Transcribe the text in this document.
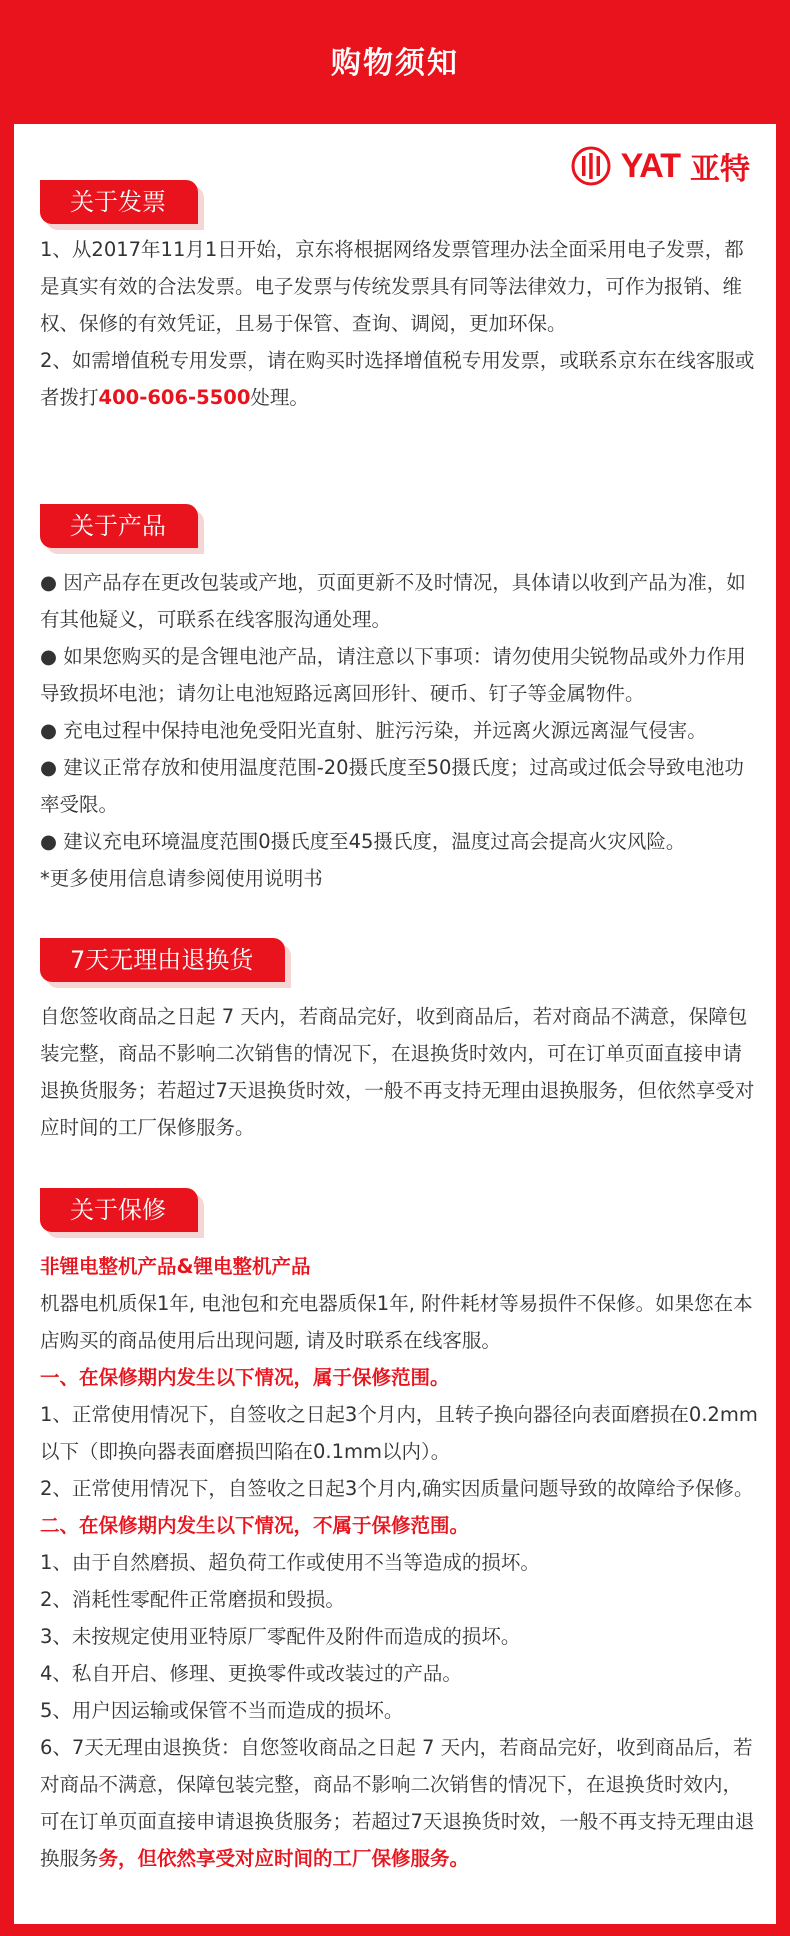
购物须知
YAT 亚特
关于发票

1、从2017年11月1日开始，京东将根据网络发票管理办法全面采用电子发票，都是真实有效的合法发票。电子发票与传统发票具有同等法律效力，可作为报销、维权、保修的有效凭证，且易于保管、查询、调阅，更加环保。

2、如需增值税专用发票，请在购买时选择增值税专用发票，或联系京东在线客服或者拨打400-606-5500处理。

关于产品

● 因产品存在更改包装或产地，页面更新不及时情况，具体请以收到产品为准，如有其他疑义，可联系在线客服沟通处理。

● 如果您购买的是含锂电池产品，请注意以下事项：请勿使用尖锐物品或外力作用导致损坏电池；请勿让电池短路远离回形针、硬币、钉子等金属物件。

● 充电过程中保持电池免受阳光直射、脏污污染，并远离火源远离湿气侵害。

● 建议正常存放和使用温度范围-20摄氏度至50摄氏度；过高或过低会导致电池功率受限。

● 建议充电环境温度范围0摄氏度至45摄氏度，温度过高会提高火灾风险。

*更多使用信息请参阅使用说明书

7天无理由退换货

自您签收商品之日起 7 天内，若商品完好，收到商品后，若对商品不满意，保障包装完整，商品不影响二次销售的情况下，在退换货时效内，可在订单页面直接申请退换货服务；若超过7天退换货时效，一般不再支持无理由退换服务，但依然享受对应时间的工厂保修服务。

关于保修

非锂电整机产品&锂电整机产品

机器电机质保1年, 电池包和充电器质保1年, 附件耗材等易损件不保修。如果您在本店购买的商品使用后出现问题, 请及时联系在线客服。

一、在保修期内发生以下情况，属于保修范围。

1、正常使用情况下，自签收之日起3个月内，且转子换向器径向表面磨损在0.2mm以下（即换向器表面磨损凹陷在0.1mm以内）。

2、正常使用情况下，自签收之日起3个月内,确实因质量问题导致的故障给予保修。

二、在保修期内发生以下情况，不属于保修范围。

1、由于自然磨损、超负荷工作或使用不当等造成的损坏。

2、消耗性零配件正常磨损和毁损。

3、未按规定使用亚特原厂零配件及附件而造成的损坏。

4、私自开启、修理、更换零件或改装过的产品。

5、用户因运输或保管不当而造成的损坏。

6、7天无理由退换货：自您签收商品之日起 7 天内，若商品完好，收到商品后，若对商品不满意，保障包装完整，商品不影响二次销售的情况下，在退换货时效内，可在订单页面直接申请退换货服务；若超过7天退换货时效，一般不再支持无理由退换服务务，但依然享受对应时间的工厂保修服务。
